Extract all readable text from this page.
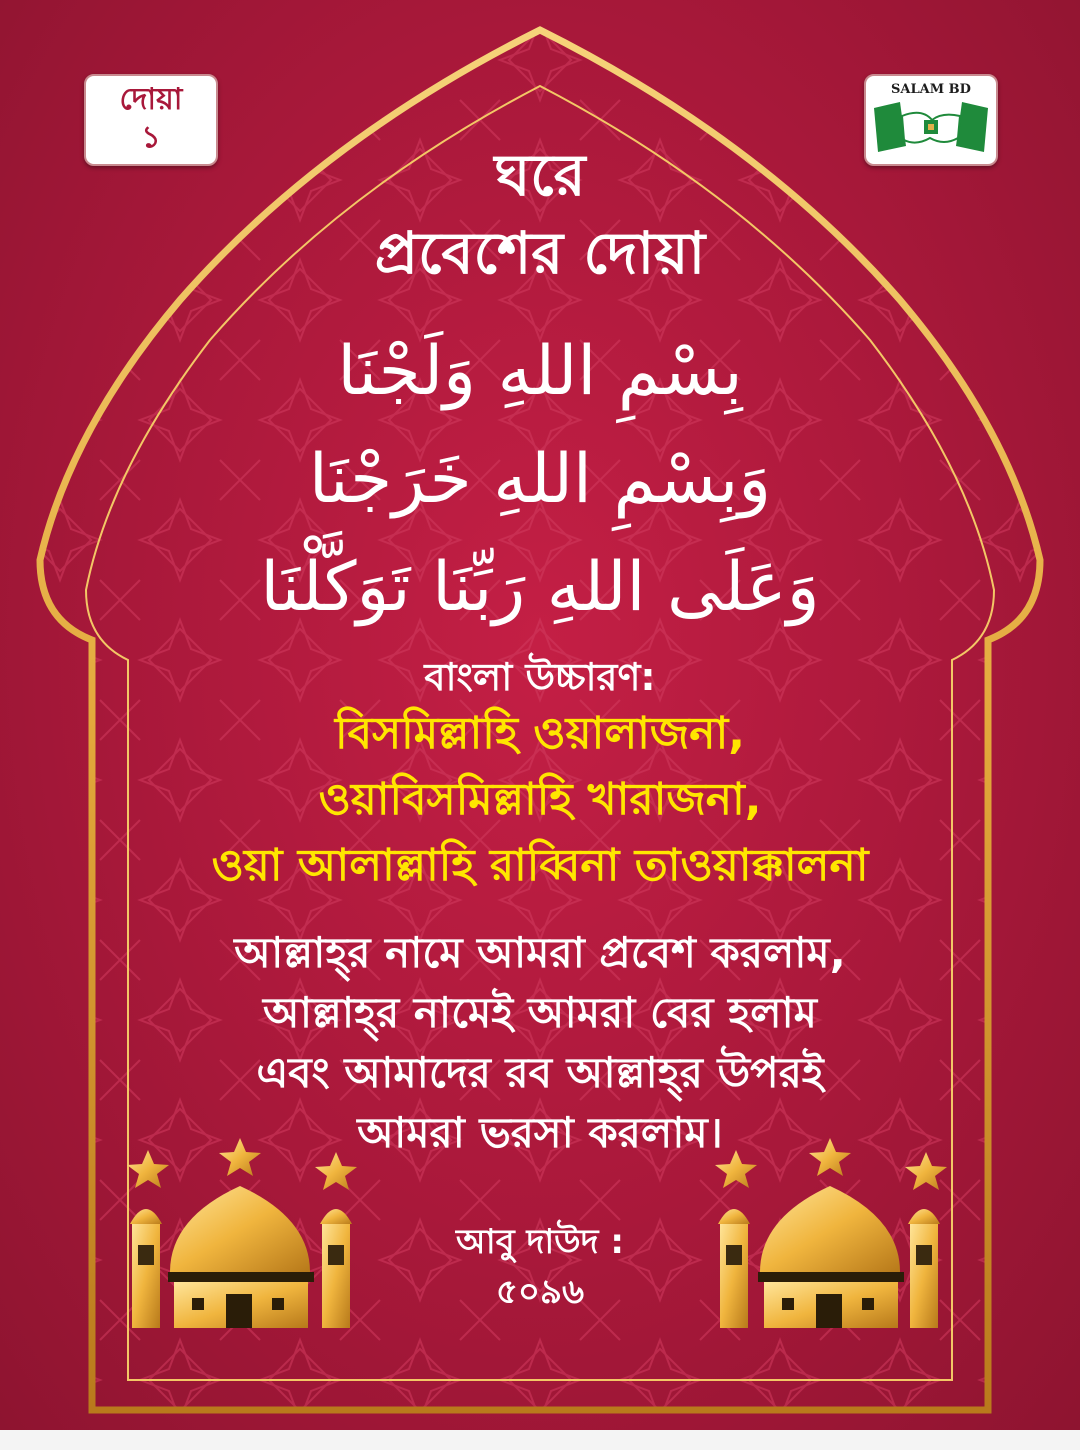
দোয়া
১
SALAM BD
ঘরে
প্রবেশের দোয়া
بِسْمِ اللهِ وَلَجْنَا
وَبِسْمِ اللهِ خَرَجْنَا
وَعَلَى اللهِ رَبِّنَا تَوَكَّلْنَا
বাংলা উচ্চারণ:
বিসমিল্লাহি ওয়ালাজনা,
ওয়াবিসমিল্লাহি খারাজনা,
ওয়া আলাল্লাহি রাব্বিনা তাওয়াক্কালনা
আল্লাহ্‌র নামে আমরা প্রবেশ করলাম,
আল্লাহ্‌র নামেই আমরা বের হলাম
এবং আমাদের রব আল্লাহ্‌র উপরই
আমরা ভরসা করলাম।
আবু দাউদ :
৫০৯৬
